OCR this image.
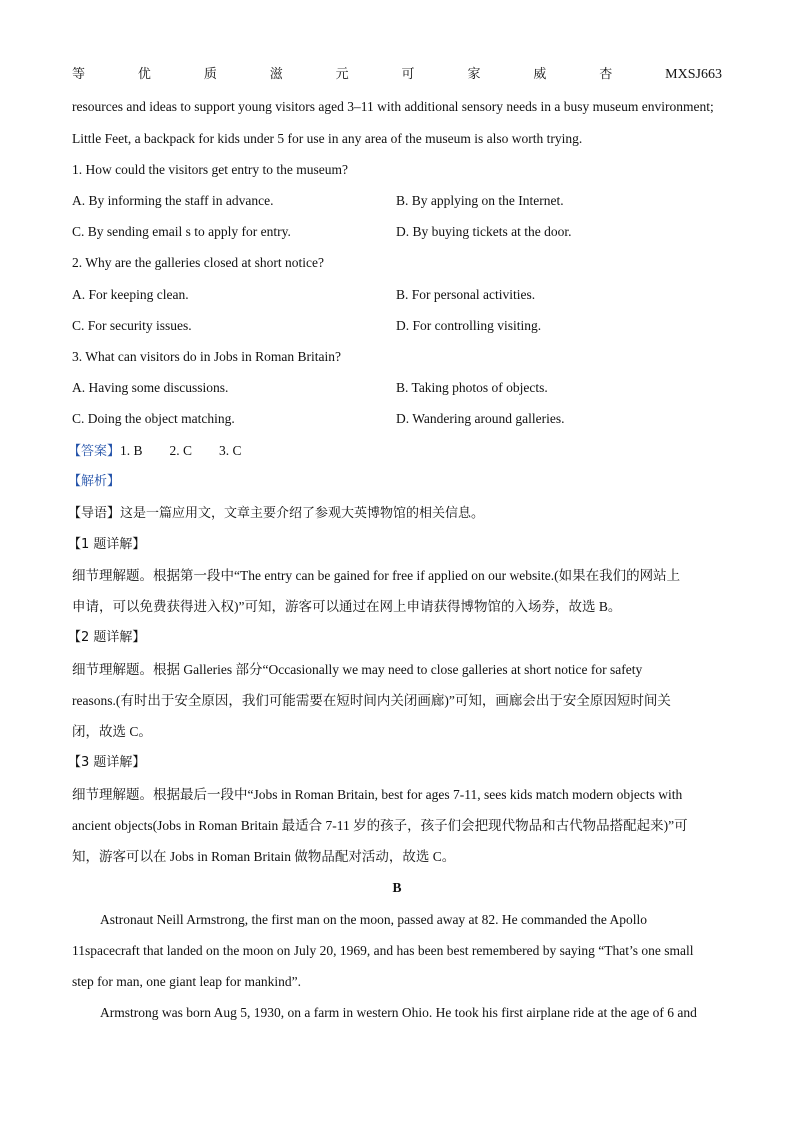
等	优	质	滋	元	可	家	威	杏	MXSJ663
resources and ideas to support young visitors aged 3–11 with additional sensory needs in a busy museum environment;
Little Feet, a backpack for kids under 5 for use in any area of the museum is also worth trying.
1. How could the visitors get entry to the museum?
A. By informing the staff in advance.	B. By applying on the Internet.
C. By sending email s to apply for entry.	D. By buying tickets at the door.
2. Why are the galleries closed at short notice?
A. For keeping clean.	B. For personal activities.
C. For security issues.	D. For controlling visiting.
3. What can visitors do in Jobs in Roman Britain?
A. Having some discussions.	B. Taking photos of objects.
C. Doing the object matching.	D. Wandering around galleries.
【答案】1. B        2. C        3. C
【解析】
【导语】这是一篇应用文，文章主要介绍了参观大英博物馆的相关信息。
【1 题详解】
细节理解题。根据第一段中“The entry can be gained for free if applied on our website.(如果在我们的网站上
申请，可以免费获得进入权)”可知，游客可以通过在网上申请获得博物馆的入场券，故选 B。
【2 题详解】
细节理解题。根据 Galleries 部分“Occasionally we may need to close galleries at short notice for safety
reasons.(有时出于安全原因，我们可能需要在短时间内关闭画廊)”可知，画廊会出于安全原因短时间关
闭，故选 C。
【3 题详解】
细节理解题。根据最后一段中“Jobs in Roman Britain, best for ages 7-11, sees kids match modern objects with
ancient objects(Jobs in Roman Britain 最适合 7-11 岁的孩子，孩子们会把现代物品和古代物品搭配起来)”可
知，游客可以在 Jobs in Roman Britain 做物品配对活动，故选 C。
B
Astronaut Neill Armstrong, the first man on the moon, passed away at 82. He commanded the Apollo
11spacecraft that landed on the moon on July 20, 1969, and has been best remembered by saying “That’s one small
step for man, one giant leap for mankind”.
Armstrong was born Aug 5, 1930, on a farm in western Ohio. He took his first airplane ride at the age of 6 and
